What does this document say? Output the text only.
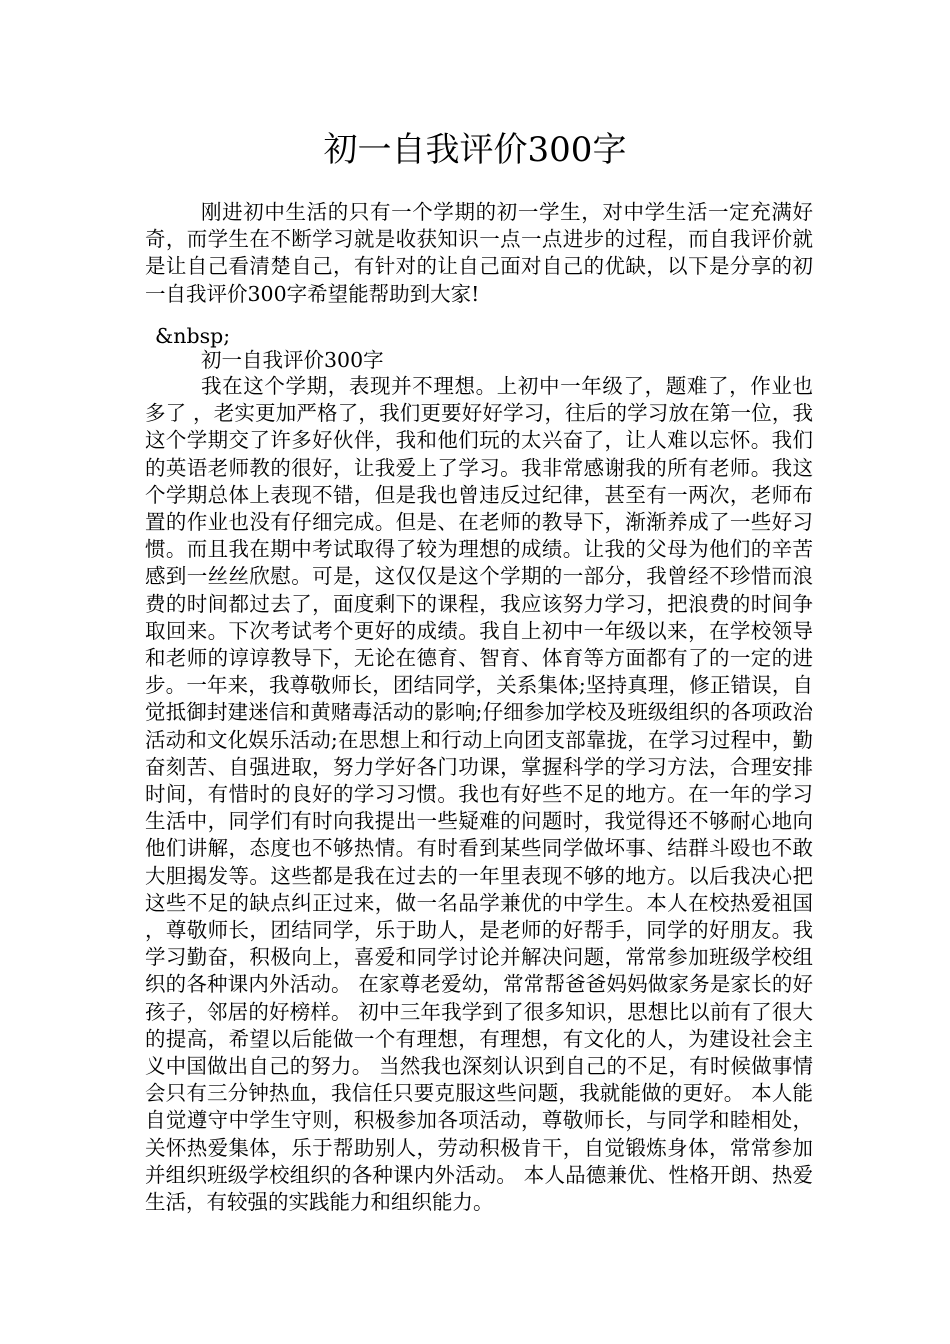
初一自我评价300字

刚进初中生活的只有一个学期的初一学生，对中学生活一定充满好奇，而学生在不断学习就是收获知识一点一点进步的过程，而自我评价就是让自己看清楚自己，有针对的让自己面对自己的优缺，以下是分享的初一自我评价300字希望能帮助到大家!

&nbsp;

初一自我评价300字

我在这个学期，表现并不理想。上初中一年级了，题难了，作业也多了 ，老实更加严格了，我们更要好好学习，往后的学习放在第一位，我这个学期交了许多好伙伴，我和他们玩的太兴奋了，让人难以忘怀。我们的英语老师教的很好，让我爱上了学习。我非常感谢我的所有老师。我这个学期总体上表现不错，但是我也曾违反过纪律，甚至有一两次，老师布置的作业也没有仔细完成。但是、在老师的教导下，渐渐养成了一些好习惯。而且我在期中考试取得了较为理想的成绩。让我的父母为他们的辛苦感到一丝丝欣慰。可是，这仅仅是这个学期的一部分，我曾经不珍惜而浪费的时间都过去了，面度剩下的课程，我应该努力学习，把浪费的时间争取回来。下次考试考个更好的成绩。我自上初中一年级以来，在学校领导和老师的谆谆教导下，无论在德育、智育、体育等方面都有了的一定的进步。一年来，我尊敬师长，团结同学，关系集体;坚持真理，修正错误，自觉抵御封建迷信和黄赌毒活动的影响;仔细参加学校及班级组织的各项政治活动和文化娱乐活动;在思想上和行动上向团支部靠拢，在学习过程中，勤奋刻苦、自强进取，努力学好各门功课，掌握科学的学习方法，合理安排时间，有惜时的良好的学习习惯。我也有好些不足的地方。在一年的学习生活中，同学们有时向我提出一些疑难的问题时，我觉得还不够耐心地向他们讲解，态度也不够热情。有时看到某些同学做坏事、结群斗殴也不敢大胆揭发等。这些都是我在过去的一年里表现不够的地方。以后我决心把这些不足的缺点纠正过来，做一名品学兼优的中学生。本人在校热爱祖国，尊敬师长，团结同学，乐于助人，是老师的好帮手，同学的好朋友。我学习勤奋，积极向上，喜爱和同学讨论并解决问题，常常参加班级学校组织的各种课内外活动。 在家尊老爱幼，常常帮爸爸妈妈做家务是家长的好孩子，邻居的好榜样。 初中三年我学到了很多知识，思想比以前有了很大的提高，希望以后能做一个有理想，有理想，有文化的人，为建设社会主义中国做出自己的努力。 当然我也深刻认识到自己的不足，有时候做事情会只有三分钟热血，我信任只要克服这些问题，我就能做的更好。 本人能自觉遵守中学生守则，积极参加各项活动，尊敬师长，与同学和睦相处，关怀热爱集体，乐于帮助别人，劳动积极肯干，自觉锻炼身体，常常参加并组织班级学校组织的各种课内外活动。 本人品德兼优、性格开朗、热爱生活，有较强的实践能力和组织能力。
